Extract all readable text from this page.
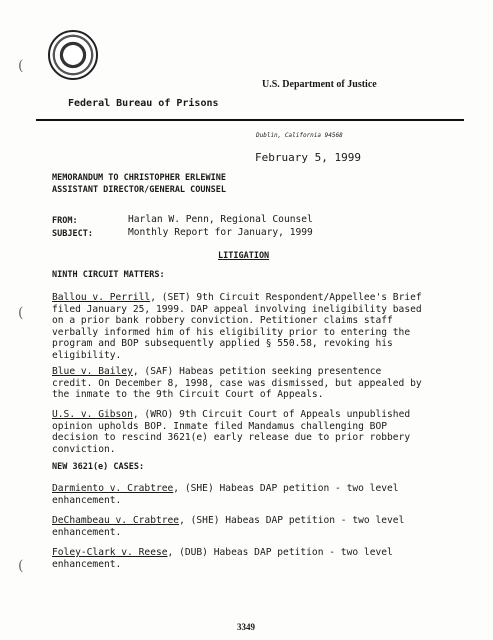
(
(
(
U.S. Department of Justice
Federal Bureau of Prisons
Dublin, California 94568
February 5, 1999
MEMORANDUM TO CHRISTOPHER ERLEWINE
ASSISTANT DIRECTOR/GENERAL COUNSEL
FROM:	Harlan W. Penn, Regional Counsel
SUBJECT:	Monthly Report for January, 1999
LITIGATION
NINTH CIRCUIT MATTERS:
Ballou v. Perrill, (SET) 9th Circuit Respondent/Appellee's Brief
filed January 25, 1999. DAP appeal involving ineligibility based
on a prior bank robbery conviction. Petitioner claims staff
verbally informed him of his eligibility prior to entering the
program and BOP subsequently applied § 550.58, revoking his
eligibility.
Blue v. Bailey, (SAF) Habeas petition seeking presentence
credit. On December 8, 1998, case was dismissed, but appealed by
the inmate to the 9th Circuit Court of Appeals.
U.S. v. Gibson, (WRO) 9th Circuit Court of Appeals unpublished
opinion upholds BOP. Inmate filed Mandamus challenging BOP
decision to rescind 3621(e) early release due to prior robbery
conviction.
NEW 3621(e) CASES:
Darmiento v. Crabtree, (SHE) Habeas DAP petition - two level
enhancement.
DeChambeau v. Crabtree, (SHE) Habeas DAP petition - two level
enhancement.
Foley-Clark v. Reese, (DUB) Habeas DAP petition - two level
enhancement.
3349
